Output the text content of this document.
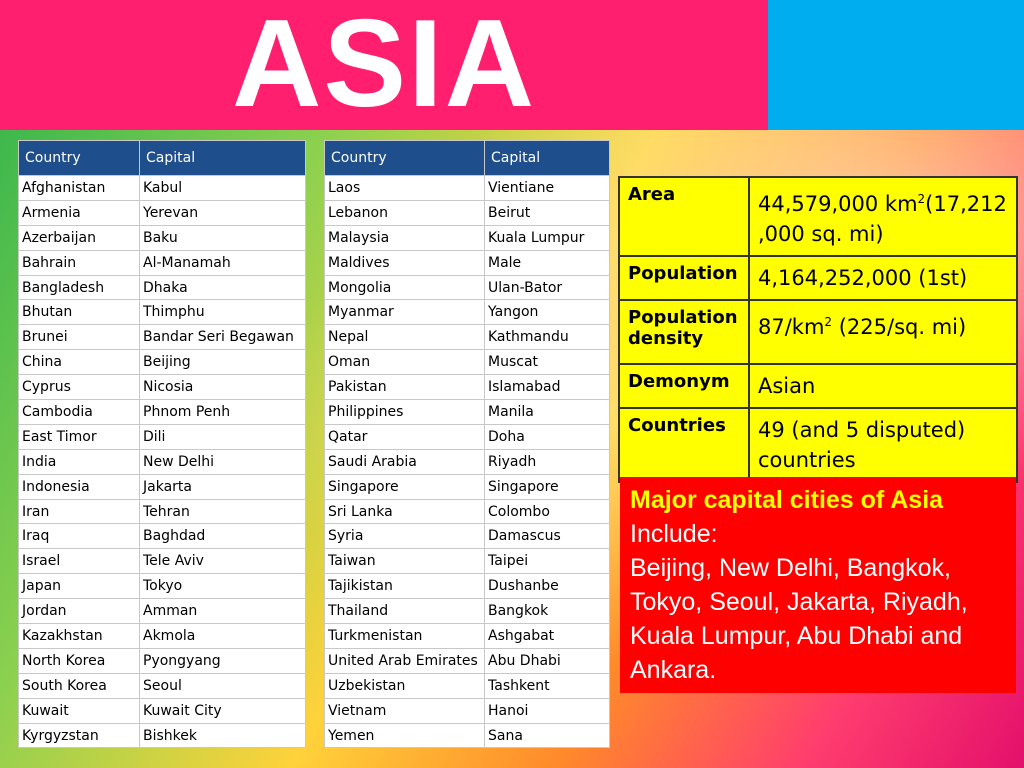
ASIA
Country	Capital
Afghanistan	Kabul
Armenia	Yerevan
Azerbaijan	Baku
Bahrain	Al-Manamah
Bangladesh	Dhaka
Bhutan	Thimphu
Brunei	Bandar Seri Begawan
China	Beijing
Cyprus	Nicosia
Cambodia	Phnom Penh
East Timor	Dili
India	New Delhi
Indonesia	Jakarta
Iran	Tehran
Iraq	Baghdad
Israel	Tele Aviv
Japan	Tokyo
Jordan	Amman
Kazakhstan	Akmola
North Korea	Pyongyang
South Korea	Seoul
Kuwait	Kuwait City
Kyrgyzstan	Bishkek
Country	Capital
Laos	Vientiane
Lebanon	Beirut
Malaysia	Kuala Lumpur
Maldives	Male
Mongolia	Ulan-Bator
Myanmar	Yangon
Nepal	Kathmandu
Oman	Muscat
Pakistan	Islamabad
Philippines	Manila
Qatar	Doha
Saudi Arabia	Riyadh
Singapore	Singapore
Sri Lanka	Colombo
Syria	Damascus
Taiwan	Taipei
Tajikistan	Dushanbe
Thailand	Bangkok
Turkmenistan	Ashgabat
United Arab Emirates	Abu Dhabi
Uzbekistan	Tashkent
Vietnam	Hanoi
Yemen	Sana
Area	44,579,000 $km^2(17,212$ ,000 sq. mi)
Population	4,164,252,000 (1st)
Population density	$87/km^2$ (225/sq. mi)
Demonym	Asian
Countries	49 (and 5 disputed) countries
Major capital cities of Asia
Include:
Beijing, New Delhi, Bangkok, Tokyo, Seoul, Jakarta, Riyadh, Kuala Lumpur, Abu Dhabi and Ankara.
